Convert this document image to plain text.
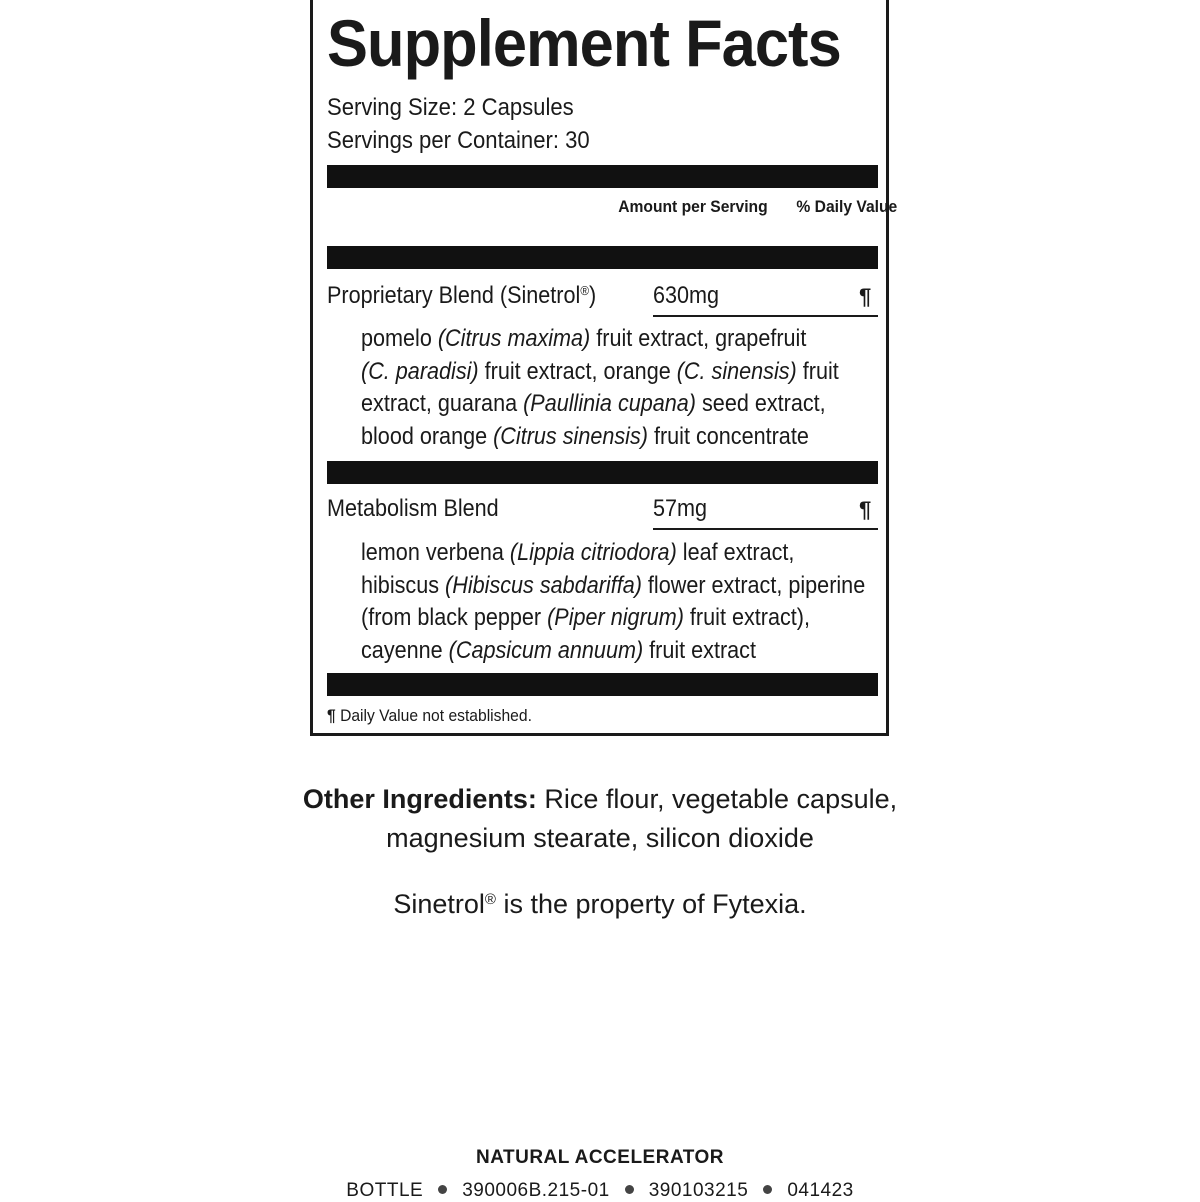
Supplement Facts
Serving Size: 2 Capsules
Servings per Container: 30
Amount per Serving % Daily Value
Proprietary Blend (Sinetrol®) 630mg	¶
pomelo (Citrus maxima) fruit extract, grapefruit
(C. paradisi) fruit extract, orange (C. sinensis) fruit
extract, guarana (Paullinia cupana) seed extract,
blood orange (Citrus sinensis) fruit concentrate
Metabolism Blend	57mg	¶
lemon verbena (Lippia citriodora) leaf extract,
hibiscus (Hibiscus sabdariffa) flower extract, piperine
(from black pepper (Piper nigrum) fruit extract),
cayenne (Capsicum annuum) fruit extract
¶ Daily Value not established.
Other Ingredients: Rice flour, vegetable capsule, magnesium stearate, silicon dioxide
Sinetrol® is the property of Fytexia.
NATURAL ACCELERATOR
BOTTLE 390006B.215-01 390103215 041423
